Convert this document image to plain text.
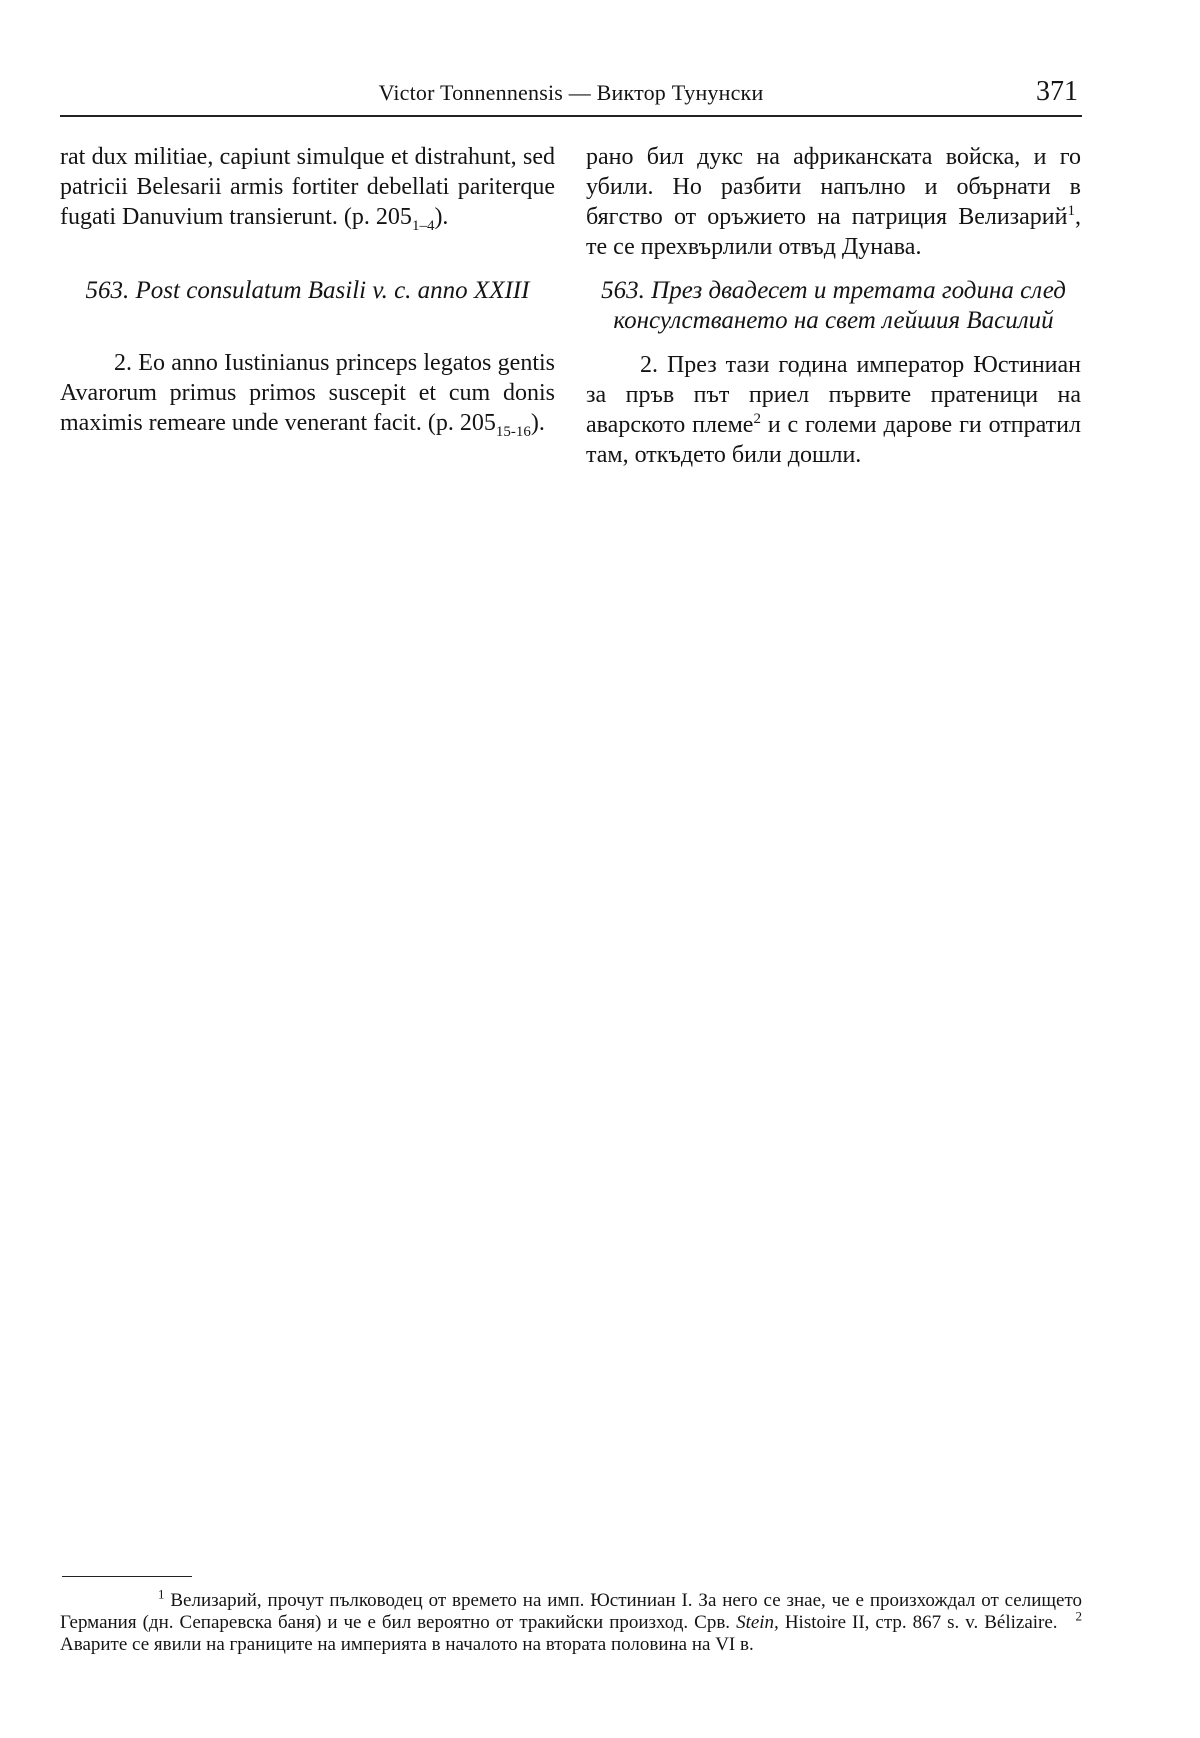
Victor Tonnennensis — Виктор Тунунски	371

rat dux militiae, capiunt simulque et distrahunt, sed patricii Belesarii armis fortiter debellati pariterque fugati Danuvium transierunt. (p. $205_{1-4}$).

563. Post consulatum Basili v. c. anno XXIII

2. Eo anno Iustinianus princeps legatos gentis Avarorum primus primos suscepit et cum donis maximis remeare unde venerant facit. (p. $205_{15-16}$).

рано бил дукс на африканската войска, и го убили. Но разбити напълно и обърнати в бягство от оръжието на патриция Велизарий$^1$, те се прехвърлили отвъд Дунава.

563. През двадесет и третата година след консулстването на свет лейшия Василий

2. През тази година император Юстиниан за пръв път приел първите пратеници на аварското племе$^2$ и с големи дарове ги отпратил там, откъдето били дошли.

$^1$ Велизарий, прочут пълководец от времето на имп. Юстиниан I. За него се знае, че е произхождал от селището Германия (дн. Сепаревска баня) и че е бил вероятно от тракийски произход. Срв. Stein, Histoire II, стр. 867 s. v. Bélizaire. $^2$ Аварите се явили на границите на империята в началото на втората половина на VI в.
